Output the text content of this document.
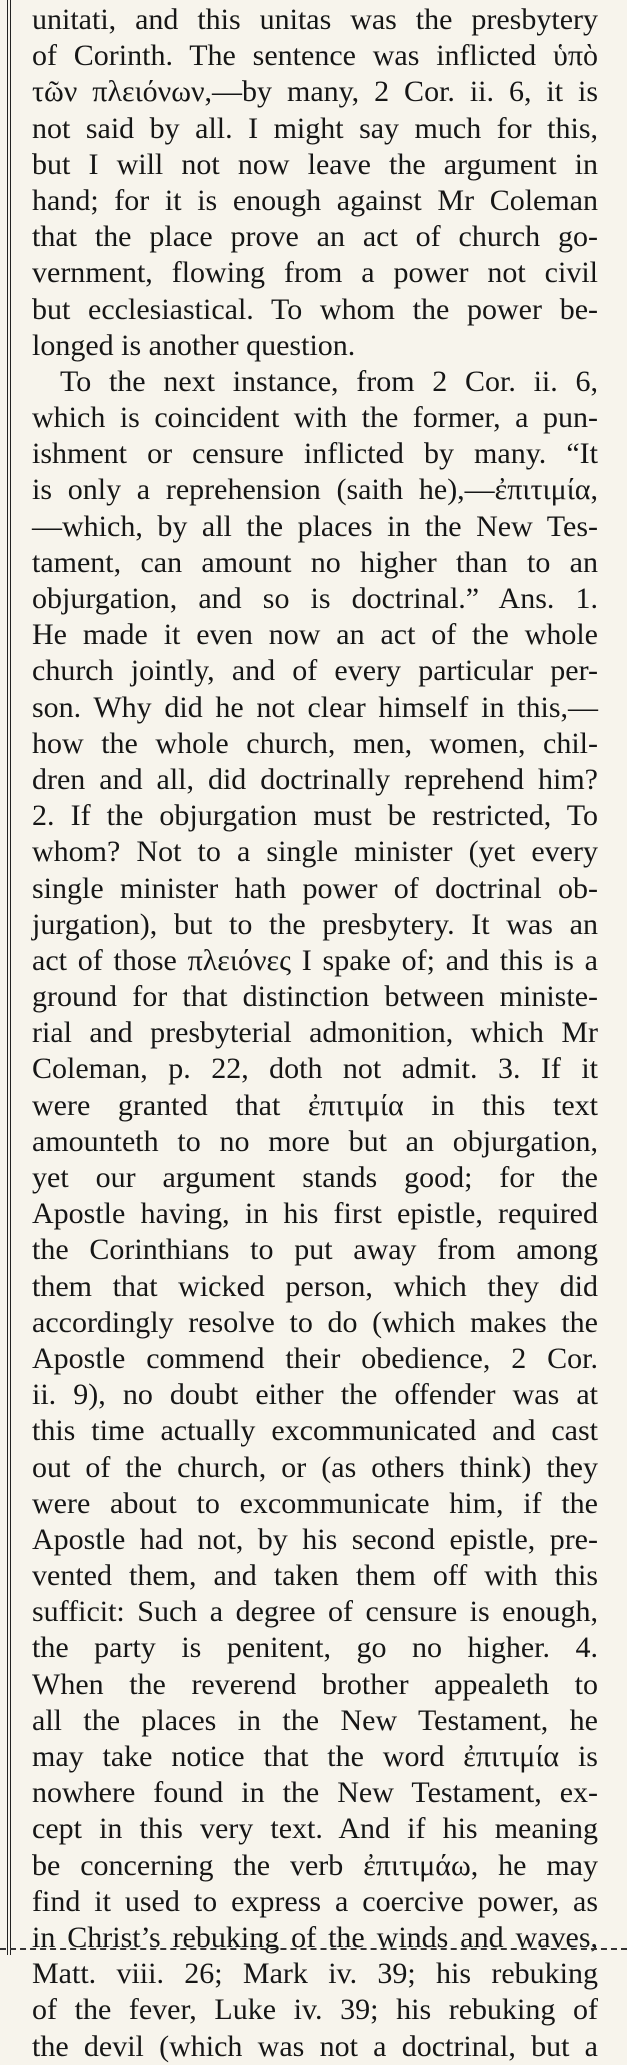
unitati, and this unitas was the presbytery
of Corinth. The sentence was inflicted ὑπὸ
τῶν πλειόνων,—by many, 2 Cor. ii. 6, it is
not said by all. I might say much for this,
but I will not now leave the argument in
hand; for it is enough against Mr Coleman
that the place prove an act of church go-
vernment, flowing from a power not civil
but ecclesiastical. To whom the power be-
longed is another question.
To the next instance, from 2 Cor. ii. 6,
which is coincident with the former, a pun-
ishment or censure inflicted by many. “It
is only a reprehension (saith he),—ἐπιτιμία,
—which, by all the places in the New Tes-
tament, can amount no higher than to an
objurgation, and so is doctrinal.” Ans. 1.
He made it even now an act of the whole
church jointly, and of every particular per-
son. Why did he not clear himself in this,—
how the whole church, men, women, chil-
dren and all, did doctrinally reprehend him?
2. If the objurgation must be restricted, To
whom? Not to a single minister (yet every
single minister hath power of doctrinal ob-
jurgation), but to the presbytery. It was an
act of those πλειόνες I spake of; and this is a
ground for that distinction between ministe-
rial and presbyterial admonition, which Mr
Coleman, p. 22, doth not admit. 3. If it
were granted that ἐπιτιμία in this text
amounteth to no more but an objurgation,
yet our argument stands good; for the
Apostle having, in his first epistle, required
the Corinthians to put away from among
them that wicked person, which they did
accordingly resolve to do (which makes the
Apostle commend their obedience, 2 Cor.
ii. 9), no doubt either the offender was at
this time actually excommunicated and cast
out of the church, or (as others think) they
were about to excommunicate him, if the
Apostle had not, by his second epistle, pre-
vented them, and taken them off with this
sufficit: Such a degree of censure is enough,
the party is penitent, go no higher. 4.
When the reverend brother appealeth to
all the places in the New Testament, he
may take notice that the word ἐπιτιμία is
nowhere found in the New Testament, ex-
cept in this very text. And if his meaning
be concerning the verb ἐπιτιμάω, he may
find it used to express a coercive power, as
in Christ’s rebuking of the winds and waves,
Matt. viii. 26; Mark iv. 39; his rebuking
of the fever, Luke iv. 39; his rebuking of
the devil (which was not a doctrinal, but a
